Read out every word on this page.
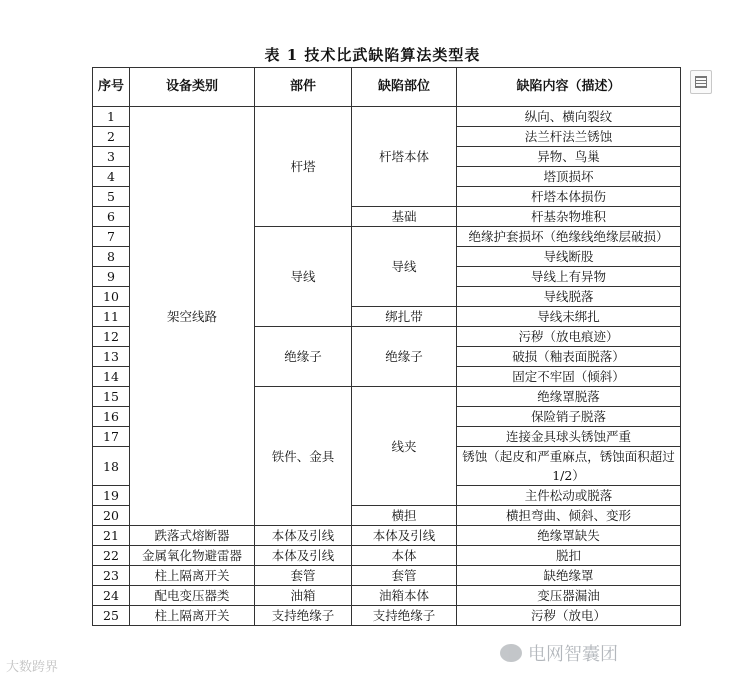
表 1 技术比武缺陷算法类型表
序号	设备类别	部件	缺陷部位	缺陷内容（描述）
1	架空线路	杆塔	杆塔本体	纵向、横向裂纹
2				法兰杆法兰锈蚀
3				异物、鸟巢
4				塔顶损坏
5				杆塔本体损伤
6			基础	杆基杂物堆积
7		导线	导线	绝缘护套损坏（绝缘线绝缘层破损）
8				导线断股
9				导线上有异物
10				导线脱落
11			绑扎带	导线未绑扎
12		绝缘子	绝缘子	污秽（放电痕迹）
13				破损（釉表面脱落）
14				固定不牢固（倾斜）
15		铁件、金具	线夹	绝缘罩脱落
16				保险销子脱落
17				连接金具球头锈蚀严重
18				锈蚀（起皮和严重麻点，锈蚀面积超过 1/2）
19				主件松动或脱落
20			横担	横担弯曲、倾斜、变形
21	跌落式熔断器	本体及引线	本体及引线	绝缘罩缺失
22	金属氧化物避雷器	本体及引线	本体	脱扣
23	柱上隔离开关	套管	套管	缺绝缘罩
24	配电变压器类	油箱	油箱本体	变压器漏油
25	柱上隔离开关	支持绝缘子	支持绝缘子	污秽（放电）
大数跨界
电网智囊团
